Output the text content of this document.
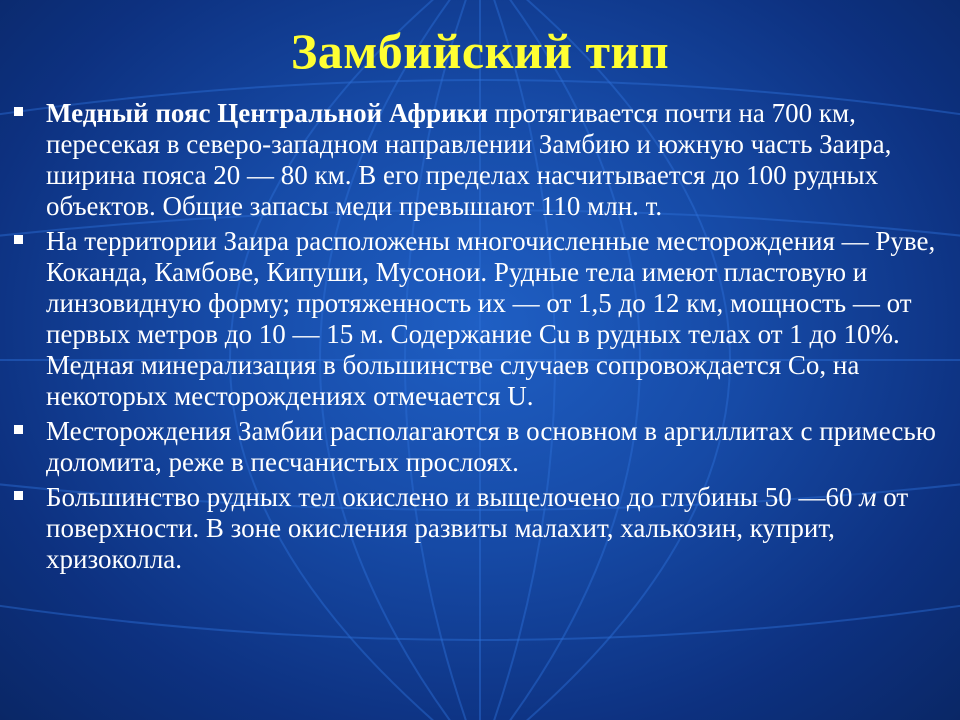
Замбийский тип
Медный пояс Центральной Африки протягивается почти на 700 км, пересекая в северо-западном направлении Замбию и южную часть Заира, ширина пояса 20 — 80 км. В его пределах насчитывается до 100 рудных объектов. Общие запасы меди превышают 110 млн. т.
На территории Заира расположены многочисленные месторождения — Руве, Коканда, Камбове, Кипуши, Мусонои. Рудные тела имеют пластовую и линзовидную форму; протяженность их — от 1,5 до 12 км, мощность — от первых метров до 10 — 15 м. Содержание Cu в рудных телах от 1 до 10%. Медная минерализация в большинстве случаев сопровождается Со, на некоторых месторождениях отмечается U.
Месторождения Замбии располагаются в основном в аргиллитах с примесью доломита, реже в песчанистых прослоях.
Большинство рудных тел окислено и выщелочено до глубины 50 —60 м от поверхности. В зоне окисления развиты малахит, халькозин, куприт, хризоколла.
